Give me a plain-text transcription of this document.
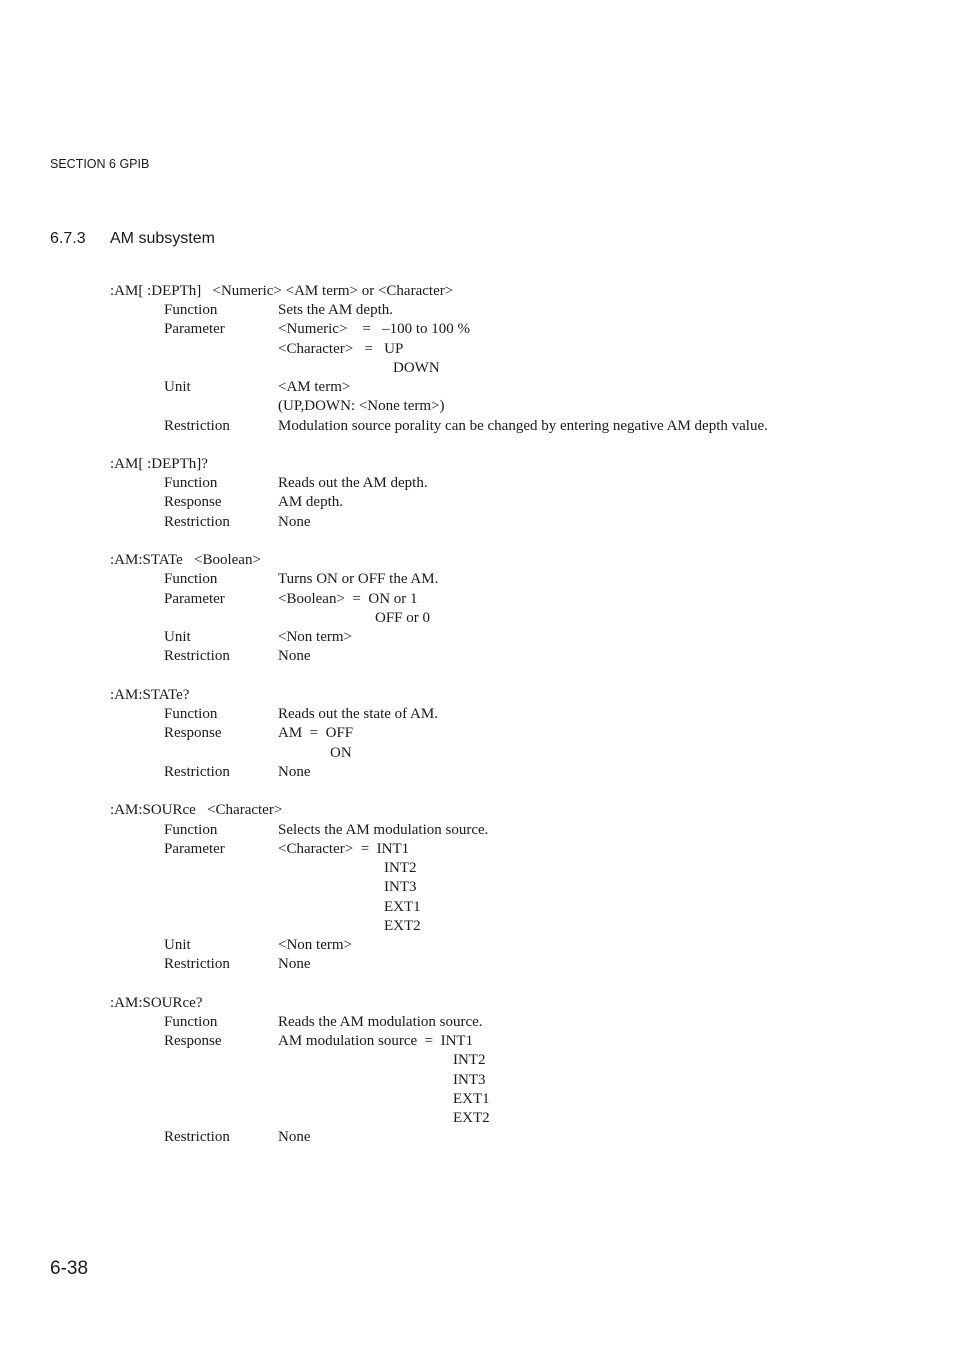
SECTION 6 GPIB
6.7.3 AM subsystem
:AM[ :DEPTh]   <Numeric> <AM term> or <Character>
Function	Sets the AM depth.
Parameter	<Numeric>    =   –100 to 100 %
<Character>   =   UP
DOWN
Unit	<AM term>
(UP,DOWN: <None term>)
Restriction	Modulation source porality can be changed by entering negative AM depth value.
:AM[ :DEPTh]?
Function	Reads out the AM depth.
Response	AM depth.
Restriction	None
:AM:STATe   <Boolean>
Function	Turns ON or OFF the AM.
Parameter	<Boolean>  =  ON or 1
OFF or 0
Unit	<Non term>
Restriction	None
:AM:STATe?
Function	Reads out the state of AM.
Response	AM  =  OFF
ON
Restriction	None
:AM:SOURce   <Character>
Function	Selects the AM modulation source.
Parameter	<Character>  =  INT1
INT2
INT3
EXT1
EXT2
Unit	<Non term>
Restriction	None
:AM:SOURce?
Function	Reads the AM modulation source.
Response	AM modulation source  =  INT1
INT2
INT3
EXT1
EXT2
Restriction	None
6-38
